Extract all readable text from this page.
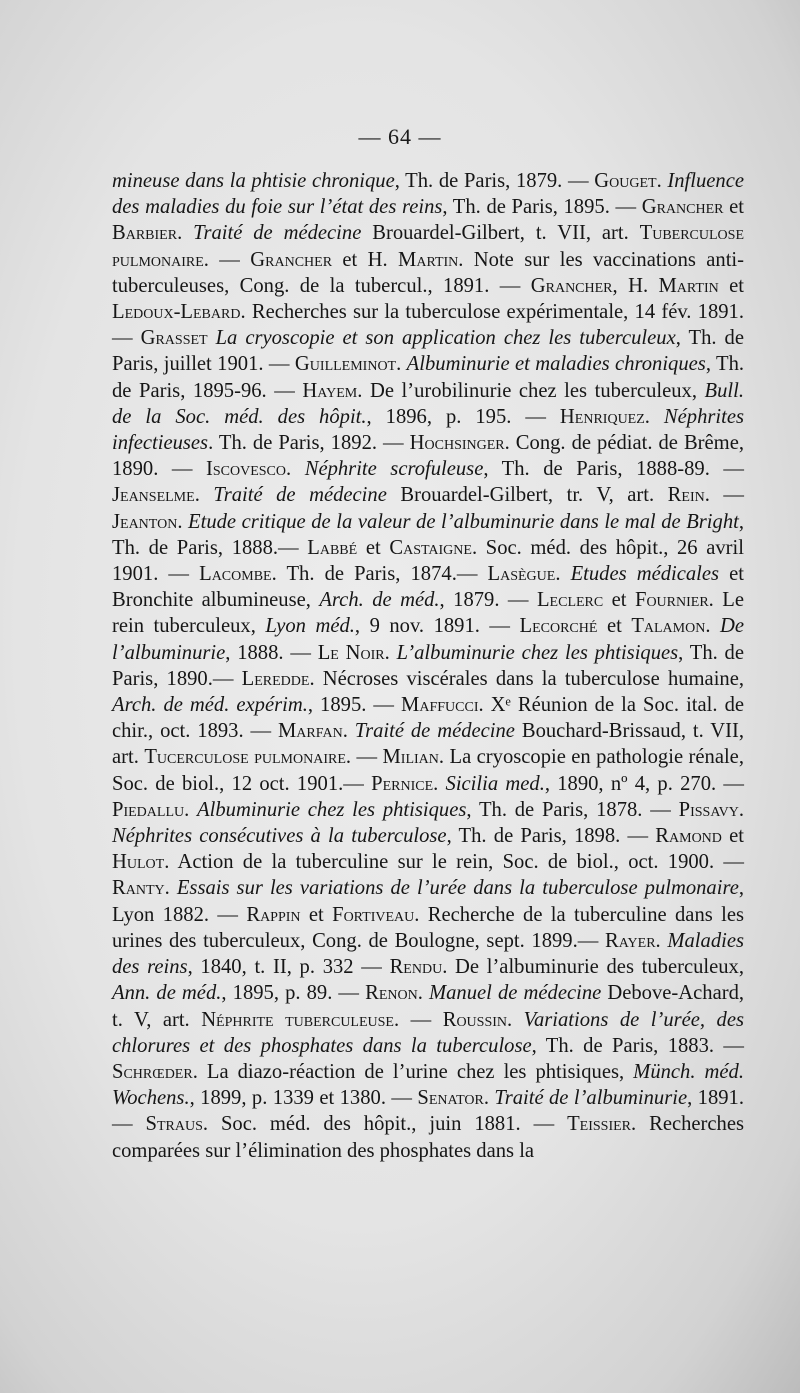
— 64 —
mineuse dans la phtisie chronique, Th. de Paris, 1879. — Gouget. Influence des maladies du foie sur l’état des reins, Th. de Paris, 1895. — Grancher et Barbier. Traité de médecine Brouardel-Gilbert, t. VII, art. Tuberculose pulmonaire. — Grancher et H. Martin. Note sur les vaccinations anti-tuberculeuses, Cong. de la tubercul., 1891. — Grancher, H. Martin et Ledoux-Lebard. Recherches sur la tuberculose expérimentale, 14 fév. 1891. — Grasset La cryoscopie et son application chez les tuberculeux, Th. de Paris, juillet 1901. — Guilleminot. Albuminurie et maladies chroniques, Th. de Paris, 1895-96. — Hayem. De l’urobilinurie chez les tuberculeux, Bull. de la Soc. méd. des hôpit., 1896, p. 195. — Henriquez. Néphrites infectieuses. Th. de Paris, 1892. — Hochsinger. Cong. de pédiat. de Brême, 1890. — Iscovesco. Néphrite scrofuleuse, Th. de Paris, 1888-89. — Jeanselme. Traité de médecine Brouardel-Gilbert, tr. V, art. Rein. — Jeanton. Etude critique de la valeur de l’albuminurie dans le mal de Bright, Th. de Paris, 1888.— Labbé et Castaigne. Soc. méd. des hôpit., 26 avril 1901. — Lacombe. Th. de Paris, 1874.— Lasègue. Etudes médicales et Bronchite albumineuse, Arch. de méd., 1879. — Leclerc et Fournier. Le rein tuberculeux, Lyon méd., 9 nov. 1891. — Lecorché et Talamon. De l’albuminurie, 1888. — Le Noir. L’albuminurie chez les phtisiques, Th. de Paris, 1890.— Leredde. Nécroses viscérales dans la tuberculose humaine, Arch. de méd. expérim., 1895. — Maffucci. Xᵉ Réunion de la Soc. ital. de chir., oct. 1893. — Marfan. Traité de médecine Bouchard-Brissaud, t. VII, art. Tucerculose pulmonaire. — Milian. La cryoscopie en pathologie rénale, Soc. de biol., 12 oct. 1901.— Pernice. Sicilia med., 1890, nº 4, p. 270. — Piedallu. Albuminurie chez les phtisiques, Th. de Paris, 1878. — Pissavy. Néphrites consécutives à la tuberculose, Th. de Paris, 1898. — Ramond et Hulot. Action de la tuberculine sur le rein, Soc. de biol., oct. 1900. — Ranty. Essais sur les variations de l’urée dans la tuberculose pulmonaire, Lyon 1882. — Rappin et Fortiveau. Recherche de la tuberculine dans les urines des tuberculeux, Cong. de Boulogne, sept. 1899.— Rayer. Maladies des reins, 1840, t. II, p. 332 — Rendu. De l’albuminurie des tuberculeux, Ann. de méd., 1895, p. 89. — Renon. Manuel de médecine Debove-Achard, t. V, art. Néphrite tuberculeuse. — Roussin. Variations de l’urée, des chlorures et des phosphates dans la tuberculose, Th. de Paris, 1883. — Schrœder. La diazo-réaction de l’urine chez les phtisiques, Münch. méd. Wochens., 1899, p. 1339 et 1380. — Senator. Traité de l’albuminurie, 1891. — Straus. Soc. méd. des hôpit., juin 1881. — Teissier. Recherches comparées sur l’élimination des phosphates dans la
